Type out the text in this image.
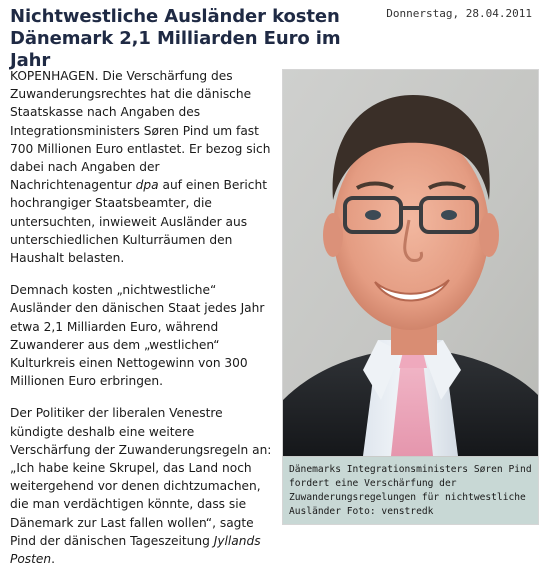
Nichtwestliche Ausländer kosten
Dänemark 2,1 Milliarden Euro im Jahr
Donnerstag, 28.04.2011

KOPENHAGEN. Die Verschärfung des Zuwanderungsrechtes hat die dänische Staatskasse nach Angaben des Integrationsministers Søren Pind um fast 700 Millionen Euro entlastet. Er bezog sich dabei nach Angaben der Nachrichtenagentur dpa auf einen Bericht hochrangiger Staatsbeamter, die untersuchten, inwieweit Ausländer aus unterschiedlichen Kulturräumen den Haushalt belasten.

Demnach kosten „nichtwestliche“ Ausländer den dänischen Staat jedes Jahr etwa 2,1 Milliarden Euro, während Zuwanderer aus dem „westlichen“ Kulturkreis einen Nettogewinn von 300 Millionen Euro erbringen.

Der Politiker der liberalen Venestre kündigte deshalb eine weitere Verschärfung der Zuwanderungsregeln an: „Ich habe keine Skrupel, das Land noch weitergehend vor denen dichtzumachen, die man verdächtigen könnte, dass sie Dänemark zur Last fallen wollen“, sagte Pind der dänischen Tageszeitung Jyllands Posten.

Dänemarks Integrationsministers Søren Pind fordert eine Verschärfung der Zuwanderungsregelungen für nichtwestliche Ausländer Foto: venstredk
